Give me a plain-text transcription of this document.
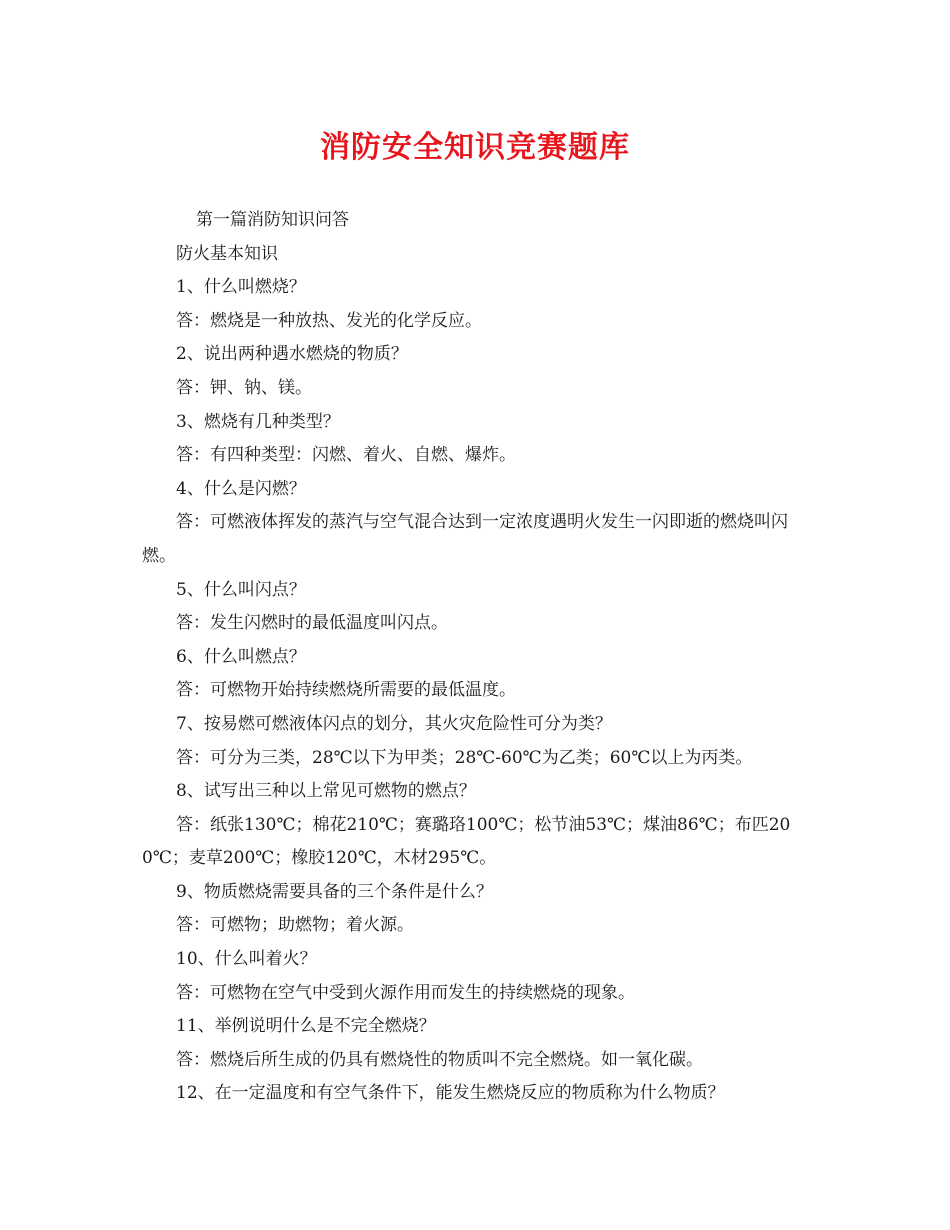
消防安全知识竞赛题库

第一篇消防知识问答

防火基本知识

1、什么叫燃烧？

答：燃烧是一种放热、发光的化学反应。

2、说出两种遇水燃烧的物质？

答：钾、钠、镁。

3、燃烧有几种类型？

答：有四种类型：闪燃、着火、自燃、爆炸。

4、什么是闪燃？

答：可燃液体挥发的蒸汽与空气混合达到一定浓度遇明火发生一闪即逝的燃烧叫闪燃。

5、什么叫闪点？

答：发生闪燃时的最低温度叫闪点。

6、什么叫燃点？

答：可燃物开始持续燃烧所需要的最低温度。

7、按易燃可燃液体闪点的划分，其火灾危险性可分为类？

答：可分为三类，28℃以下为甲类；28℃-60℃为乙类；60℃以上为丙类。

8、试写出三种以上常见可燃物的燃点？

答：纸张130℃；棉花210℃；赛璐珞100℃；松节油53℃；煤油86℃；布匹200℃；麦草200℃；橡胶120℃，木材295℃。

9、物质燃烧需要具备的三个条件是什么？

答：可燃物；助燃物；着火源。

10、什么叫着火？

答：可燃物在空气中受到火源作用而发生的持续燃烧的现象。

11、举例说明什么是不完全燃烧？

答：燃烧后所生成的仍具有燃烧性的物质叫不完全燃烧。如一氧化碳。

12、在一定温度和有空气条件下，能发生燃烧反应的物质称为什么物质？
